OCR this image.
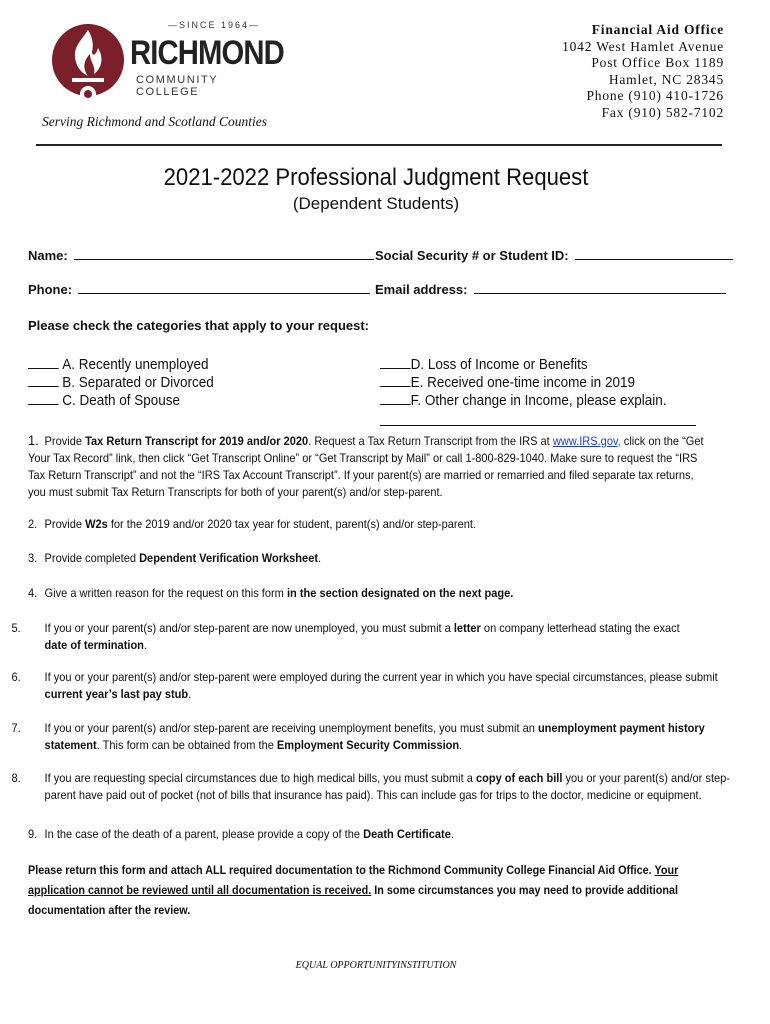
—SINCE 1964—
RICHMOND
COMMUNITY COLLEGE
Serving Richmond and Scotland Counties
Financial Aid Office
1042 West Hamlet Avenue
Post Office Box 1189
Hamlet, NC 28345
Phone (910) 410-1726
Fax (910) 582-7102
2021-2022 Professional Judgment Request
(Dependent Students)
Name:	Social Security # or Student ID:
Phone:	Email address:
Please check the categories that apply to your request:
A. Recently unemployed
B. Separated or Divorced
C. Death of Spouse
D. Loss of Income or Benefits
E. Received one-time income in 2019
F. Other change in Income, please explain.
1. Provide Tax Return Transcript for 2019 and/or 2020. Request a Tax Return Transcript from the IRS at www.IRS.gov, click on the “Get Your Tax Record” link, then click “Get Transcript Online” or “Get Transcript by Mail” or call 1-800-829-1040. Make sure to request the “IRS Tax Return Transcript” and not the “IRS Tax Account Transcript”. If your parent(s) are married or remarried and filed separate tax returns, you must submit Tax Return Transcripts for both of your parent(s) and/or step-parent.
2. Provide W2s for the 2019 and/or 2020 tax year for student, parent(s) and/or step-parent.
3. Provide completed Dependent Verification Worksheet.
4. Give a written reason for the request on this form in the section designated on the next page.
5. If you or your parent(s) and/or step-parent are now unemployed, you must submit a letter on company letterhead stating the exact
date of termination.
6. If you or your parent(s) and/or step-parent were employed during the current year in which you have special circumstances, please submit current year’s last pay stub.
7. If you or your parent(s) and/or step-parent are receiving unemployment benefits, you must submit an unemployment payment history statement. This form can be obtained from the Employment Security Commission.
8. If you are requesting special circumstances due to high medical bills, you must submit a copy of each bill you or your parent(s) and/or step-parent have paid out of pocket (not of bills that insurance has paid). This can include gas for trips to the doctor, medicine or equipment.
9. In the case of the death of a parent, please provide a copy of the Death Certificate.
Please return this form and attach ALL required documentation to the Richmond Community College Financial Aid Office. Your application cannot be reviewed until all documentation is received. In some circumstances you may need to provide additional documentation after the review.
EQUAL OPPORTUNITYINSTITUTION
